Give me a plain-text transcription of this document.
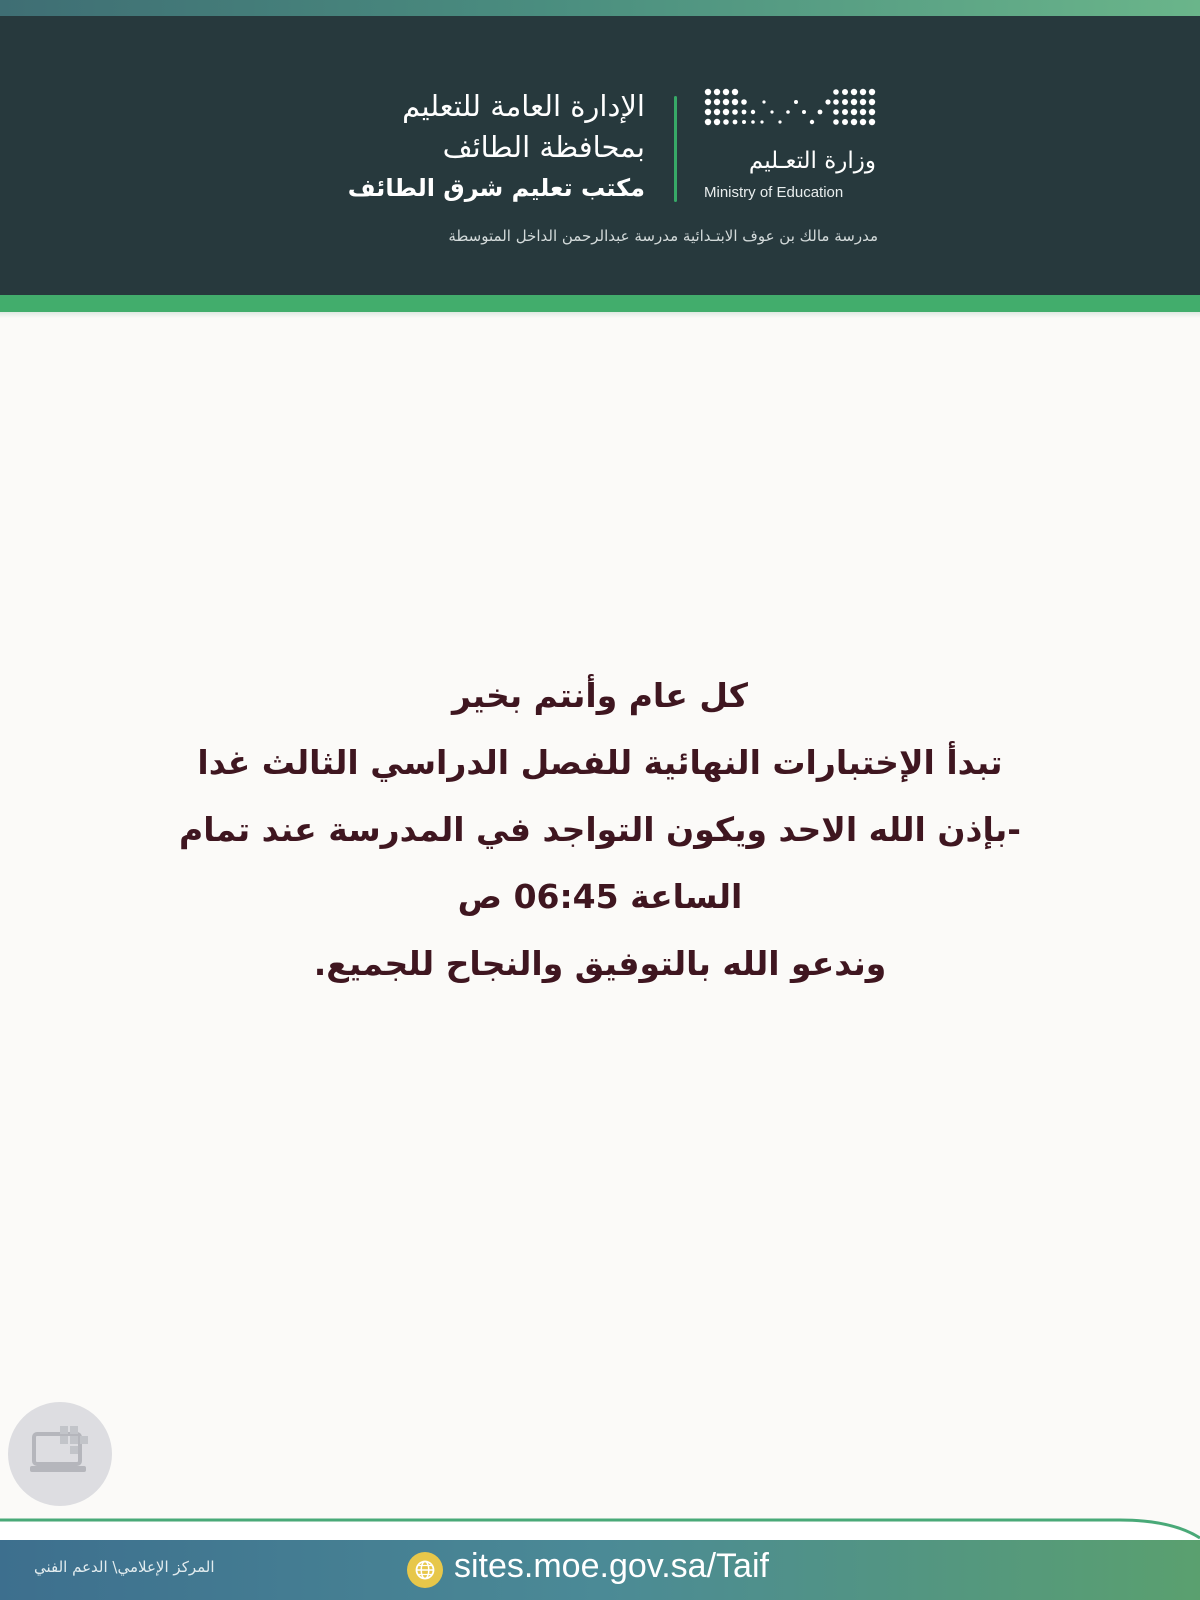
وزارة التعـليم
Ministry of Education
الإدارة العامة للتعليم
بمحافظة الطائف
مكتب تعليم شرق الطائف
مدرسة مالك بن عوف الابتـدائية مدرسة عبدالرحمن الداخل المتوسطة

كل عام وأنتم بخير

تبدأ الإختبارات النهائية للفصل الدراسي الثالث غدا

-بإذن الله الاحد ويكون التواجد في المدرسة عند تمام

الساعة 06:45 ص

وندعو الله بالتوفيق والنجاح للجميع.

المركز الإعلامي\ الدعم الفني	sites.moe.gov.sa/Taif
